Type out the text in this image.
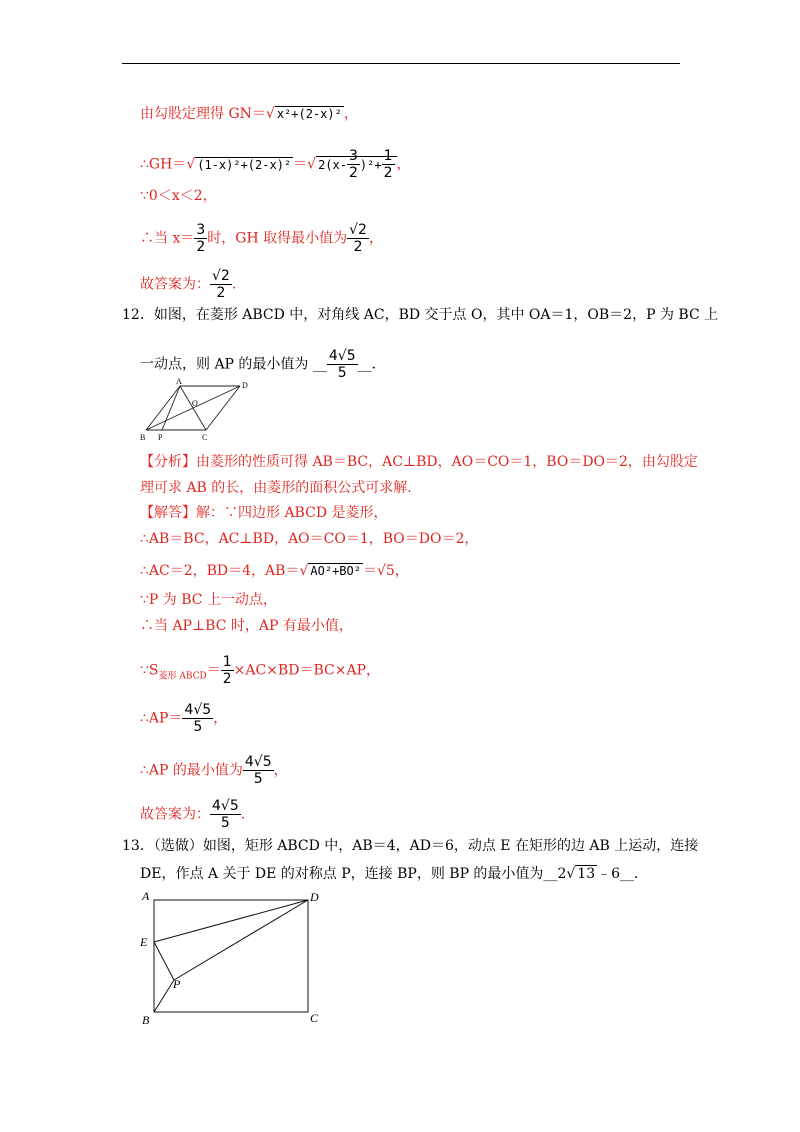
由勾股定理得 GN＝√ x²+(2-x)² ，
∴GH＝√ (1-x)²+(2-x)² ＝√ $2(x- \frac{3}{2} )^2+ \frac{1}{2}$ ，
∵0＜x＜2，
∴当 $x= \frac{3}{2}$ 时，GH 取得最小值为 $\frac{√2}{2}$ ，
故答案为： $\frac{√2}{2}$ ．
12．如图，在菱形 ABCD 中，对角线 AC，BD 交于点 O，其中 OA＝1，OB＝2，P 为 BC 上
一动点，则 AP 的最小值为 __ $\frac{4√5}{5}$ __．
A	D
O
B P	C
【分析】由菱形的性质可得 AB＝BC，AC⊥BD，AO＝CO＝1，BO＝DO＝2，由勾股定
理可求 AB 的长，由菱形的面积公式可求解．
【解答】解：∵四边形 ABCD 是菱形，
∴AB＝BC，AC⊥BD，AO＝CO＝1，BO＝DO＝2，
∴AC＝2，BD＝4，AB＝√ AO²+BO² ＝√5，
∵P 为 BC 上一动点，
∴当 AP⊥BC 时，AP 有最小值，
$\because S_{菱形 ABCD}= \frac{1}{2} \times AC\times BD=BC\times AP$，
∴AP＝ $\frac{4√5}{5}$ ，
∴AP 的最小值为 $\frac{4√5}{5}$ ，
故答案为： $\frac{4√5}{5}$ ．
13．（选做）如图，矩形 ABCD 中，AB＝4，AD＝6，动点 E 在矩形的边 AB 上运动，连接
DE，作点 A 关于 DE 的对称点 P，连接 BP，则 BP 的最小值为__2√ 13 ﹣6__．
A	D
E
P
B	C
